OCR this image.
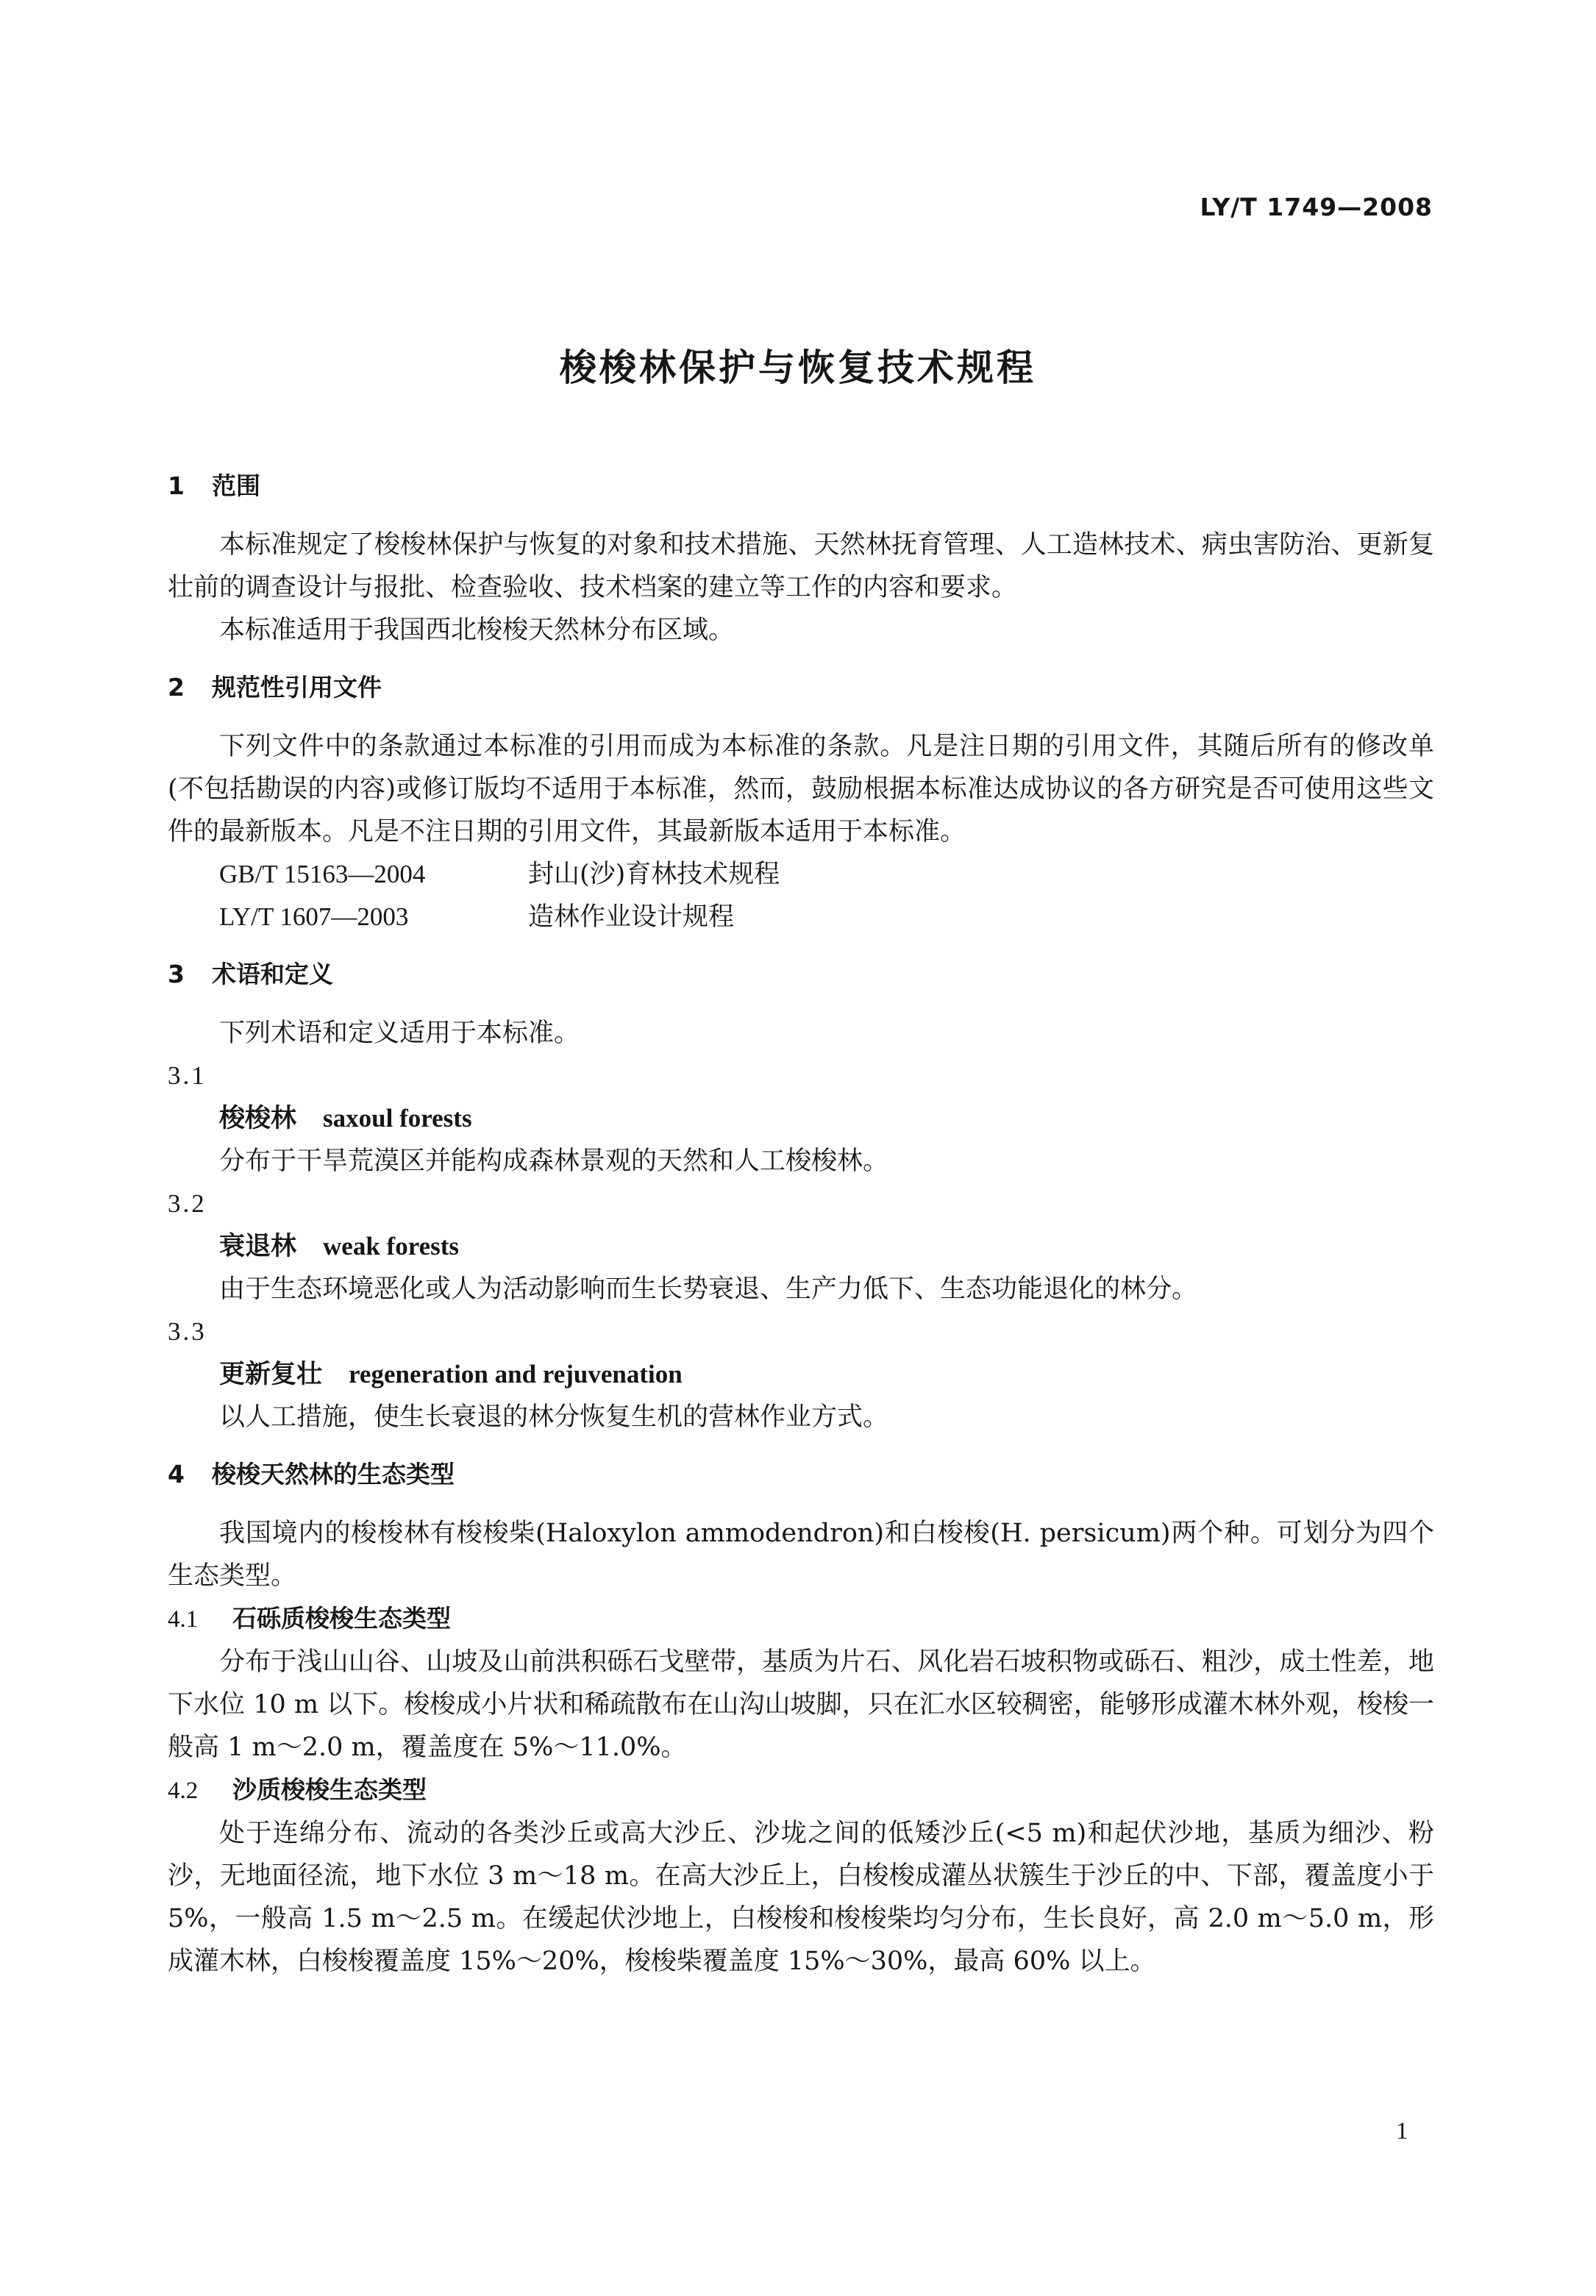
LY/T 1749—2008
梭梭林保护与恢复技术规程

1 范围

本标准规定了梭梭林保护与恢复的对象和技术措施、天然林抚育管理、人工造林技术、病虫害防治、更新复壮前的调查设计与报批、检查验收、技术档案的建立等工作的内容和要求。

本标准适用于我国西北梭梭天然林分布区域。

2 规范性引用文件

下列文件中的条款通过本标准的引用而成为本标准的条款。凡是注日期的引用文件，其随后所有的修改单(不包括勘误的内容)或修订版均不适用于本标准，然而，鼓励根据本标准达成协议的各方研究是否可使用这些文件的最新版本。凡是不注日期的引用文件，其最新版本适用于本标准。

GB/T 15163—2004	封山(沙)育林技术规程

LY/T 1607—2003	造林作业设计规程

3 术语和定义

下列术语和定义适用于本标准。

3.1

梭梭林 saxoul forests

分布于干旱荒漠区并能构成森林景观的天然和人工梭梭林。

3.2

衰退林 weak forests

由于生态环境恶化或人为活动影响而生长势衰退、生产力低下、生态功能退化的林分。

3.3

更新复壮 regeneration and rejuvenation

以人工措施，使生长衰退的林分恢复生机的营林作业方式。

4 梭梭天然林的生态类型

我国境内的梭梭林有梭梭柴(Haloxylon ammodendron)和白梭梭(H. persicum)两个种。可划分为四个生态类型。

4.1 石砾质梭梭生态类型

分布于浅山山谷、山坡及山前洪积砾石戈壁带，基质为片石、风化岩石坡积物或砾石、粗沙，成土性差，地下水位 10 m 以下。梭梭成小片状和稀疏散布在山沟山坡脚，只在汇水区较稠密，能够形成灌木林外观，梭梭一般高 1 m～2.0 m，覆盖度在 5%～11.0%。

4.2 沙质梭梭生态类型

处于连绵分布、流动的各类沙丘或高大沙丘、沙垅之间的低矮沙丘(<5 m)和起伏沙地，基质为细沙、粉沙，无地面径流，地下水位 3 m～18 m。在高大沙丘上，白梭梭成灌丛状簇生于沙丘的中、下部，覆盖度小于 5%，一般高 1.5 m～2.5 m。在缓起伏沙地上，白梭梭和梭梭柴均匀分布，生长良好，高 2.0 m～5.0 m，形成灌木林，白梭梭覆盖度 15%～20%，梭梭柴覆盖度 15%～30%，最高 60% 以上。

1
